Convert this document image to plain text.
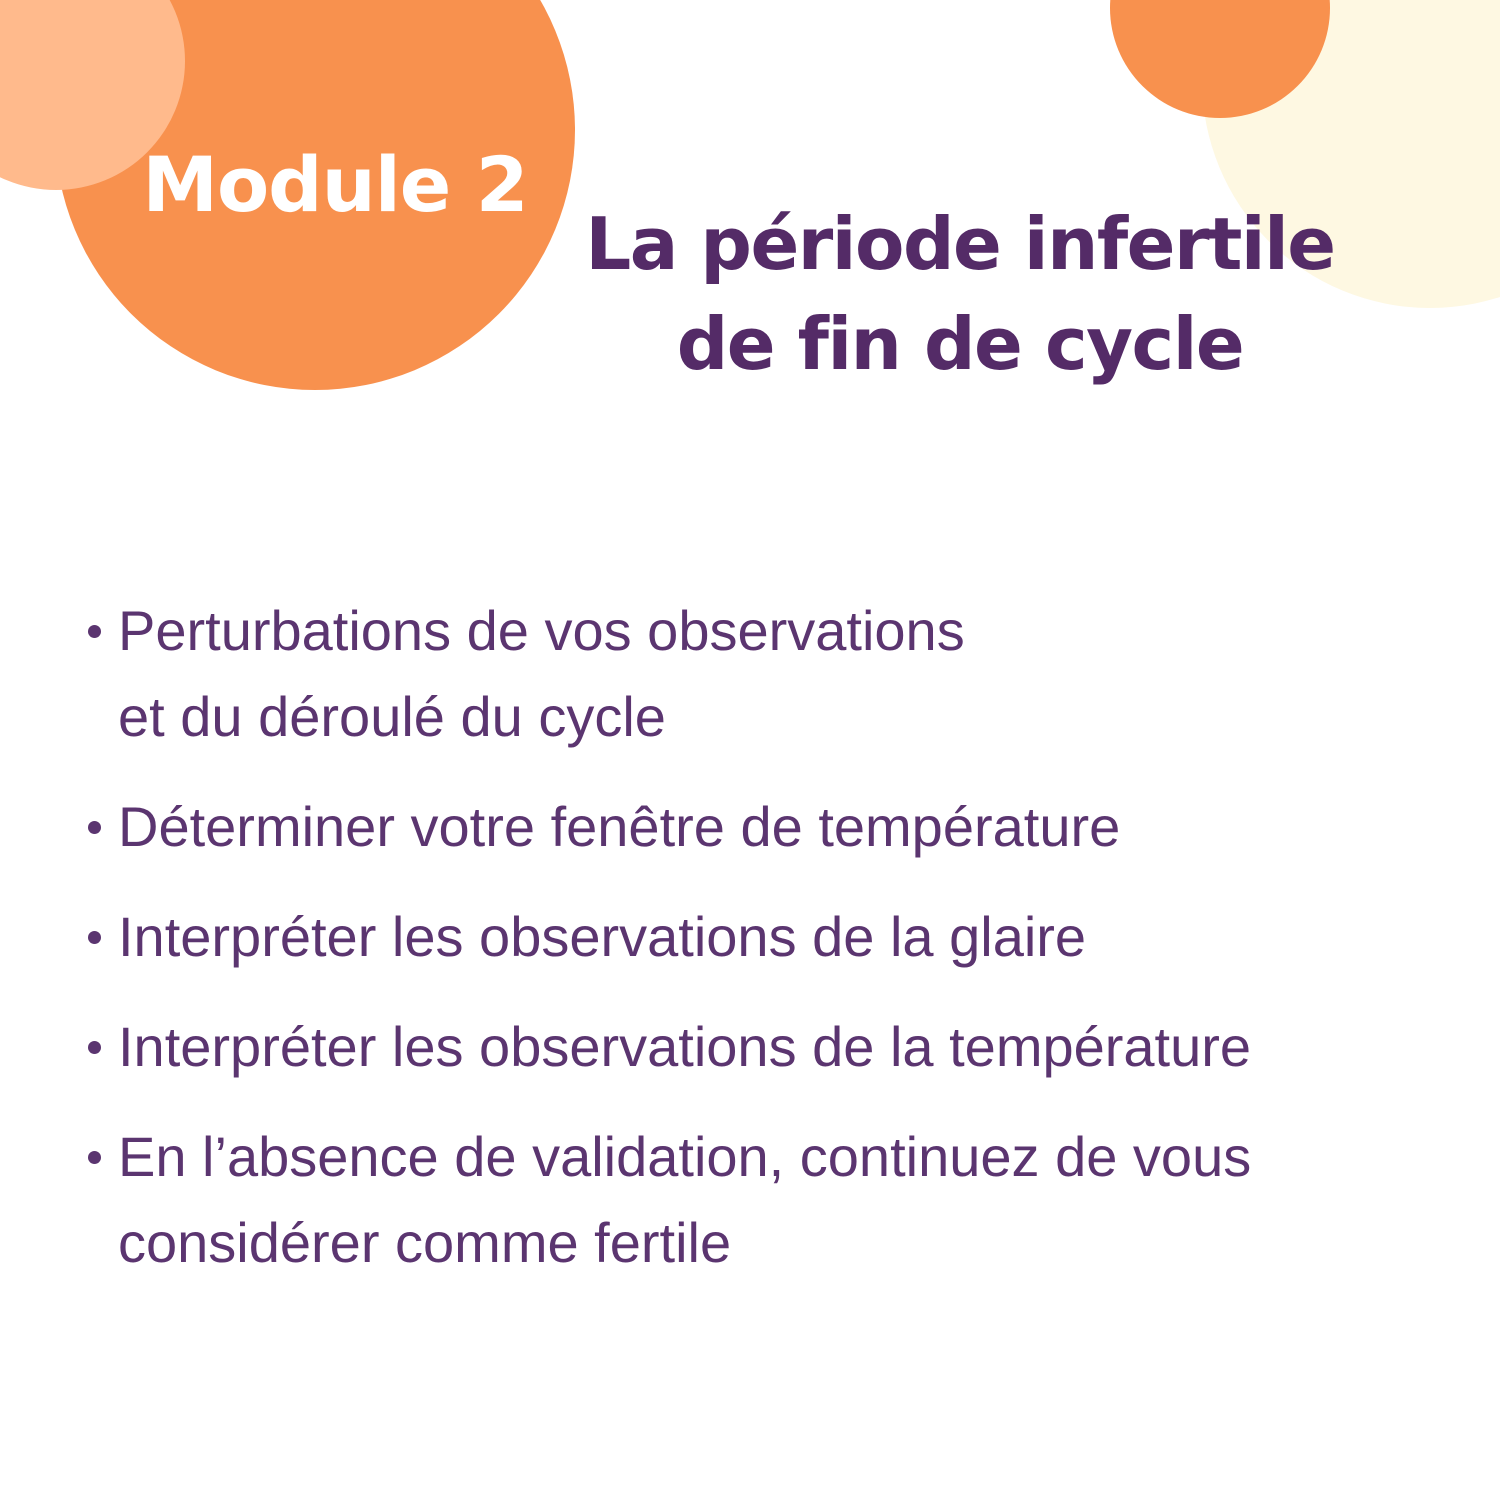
Module 2
La période infertile
de fin de cycle
Perturbations de vos observations
et du déroulé du cycle
Déterminer votre fenêtre de température
Interpréter les observations de la glaire
Interpréter les observations de la température
En l’absence de validation, continuez de vous
considérer comme fertile
